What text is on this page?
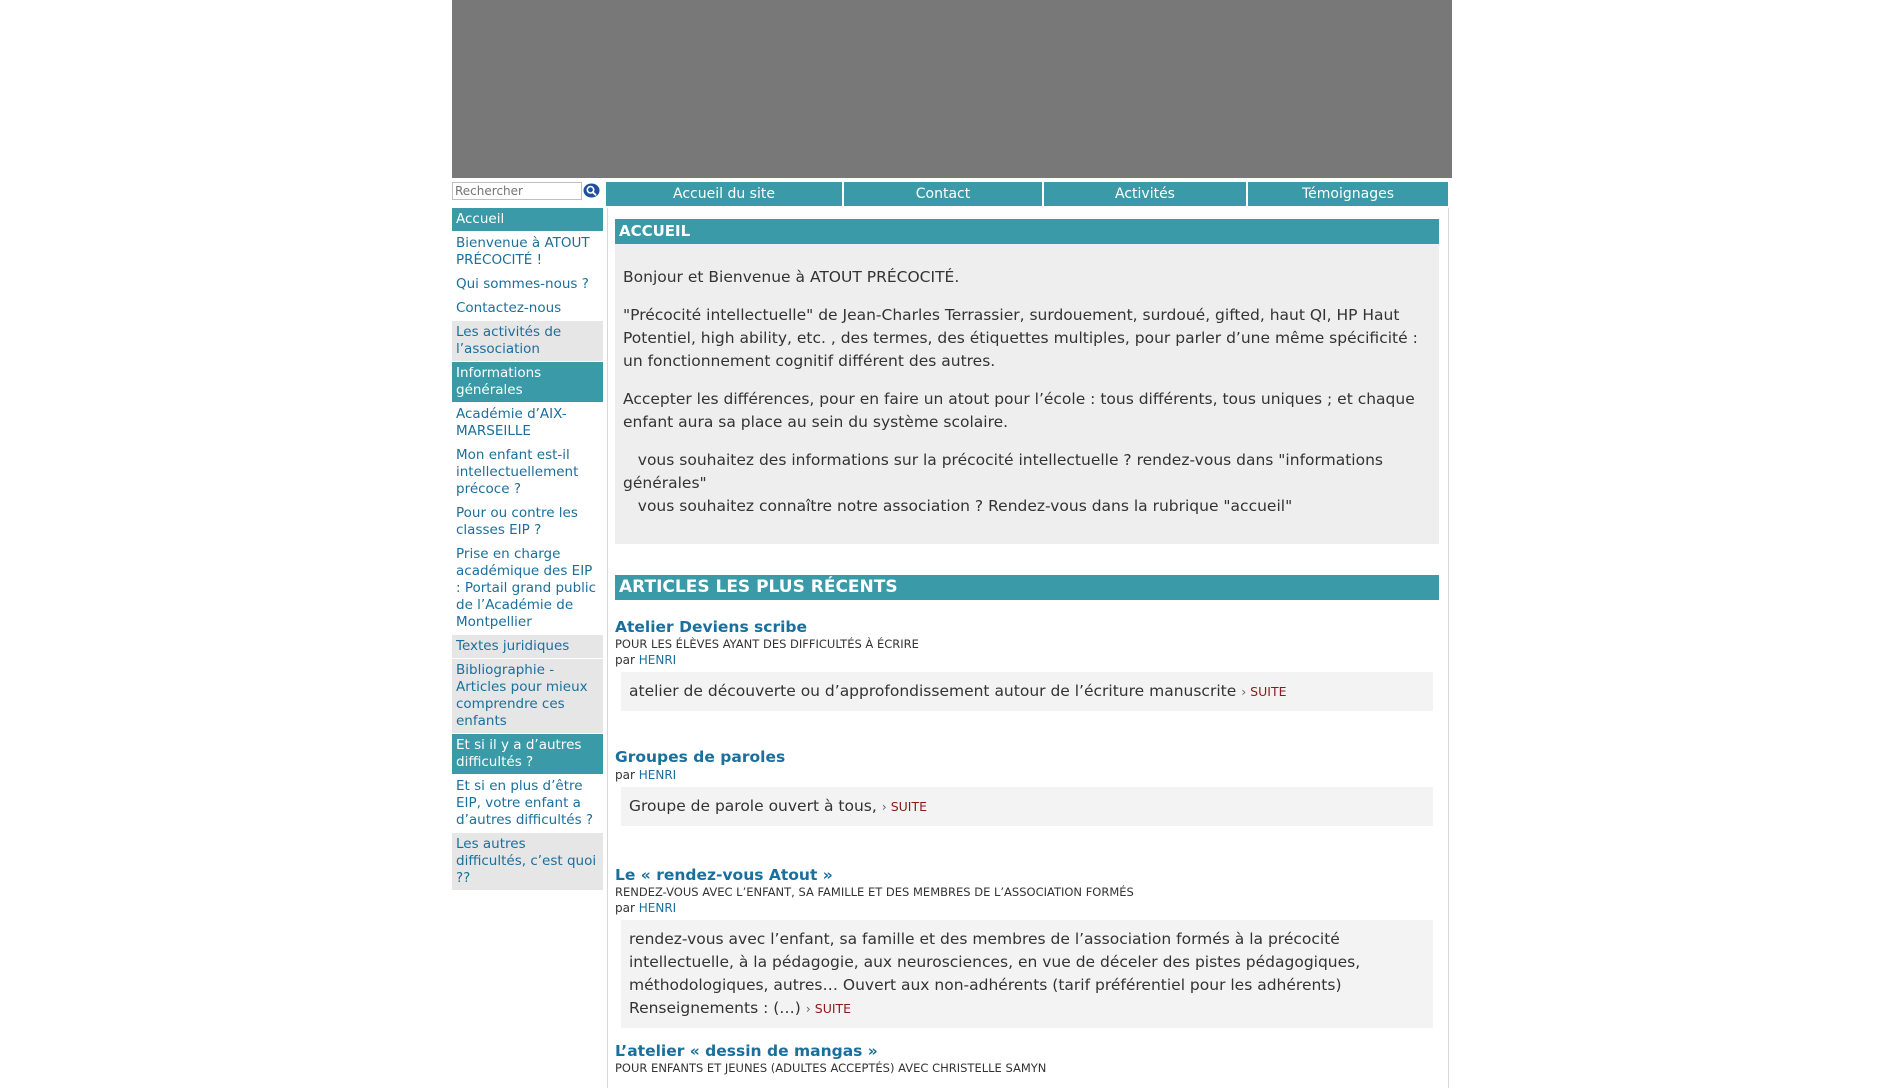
Rechercher
Accueil du site	Contact	Activités	Témoignages
Accueil
Bienvenue à ATOUT PRÉCOCITÉ !
Qui sommes-nous ?
Contactez-nous
Les activités de l’association
Informations générales
Académie d’AIX-MARSEILLE
Mon enfant est-il intellectuellement précoce ?
Pour ou contre les classes EIP ?
Prise en charge académique des EIP : Portail grand public de l’Académie de Montpellier
Textes juridiques
Bibliographie - Articles pour mieux comprendre ces enfants
Et si il y a d’autres difficultés ?
Et si en plus d’être EIP, votre enfant a d’autres difficultés ?
Les autres difficultés, c’est quoi ??
ACCUEIL

Bonjour et Bienvenue à ATOUT PRÉCOCITÉ.

"Précocité intellectuelle" de Jean-Charles Terrassier, surdouement, surdoué, gifted, haut QI, HP Haut Potentiel, high ability, etc. , des termes, des étiquettes multiples, pour parler d’une même spécificité : un fonctionnement cognitif différent des autres.

Accepter les différences, pour en faire un atout pour l’école : tous différents, tous uniques ; et chaque enfant aura sa place au sein du système scolaire.

vous souhaitez des informations sur la précocité intellectuelle ? rendez-vous dans "informations générales"

vous souhaitez connaître notre association ? Rendez-vous dans la rubrique "accueil"

ARTICLES LES PLUS RÉCENTS
Atelier Deviens scribe
POUR LES ÉLÈVES AYANT DES DIFFICULTÉS À ÉCRIRE
par HENRI
atelier de découverte ou d’approfondissement autour de l’écriture manuscrite › SUITE
Groupes de paroles
par HENRI
Groupe de parole ouvert à tous, › SUITE
Le « rendez-vous Atout »
RENDEZ-VOUS AVEC L’ENFANT, SA FAMILLE ET DES MEMBRES DE L’ASSOCIATION FORMÉS
par HENRI
rendez-vous avec l’enfant, sa famille et des membres de l’association formés à la précocité intellectuelle, à la pédagogie, aux neurosciences, en vue de déceler des pistes pédagogiques, méthodologiques, autres… Ouvert aux non-adhérents (tarif préférentiel pour les adhérents) Renseignements : (…) › SUITE
L’atelier « dessin de mangas »
POUR ENFANTS ET JEUNES (ADULTES ACCEPTÉS) AVEC CHRISTELLE SAMYN
